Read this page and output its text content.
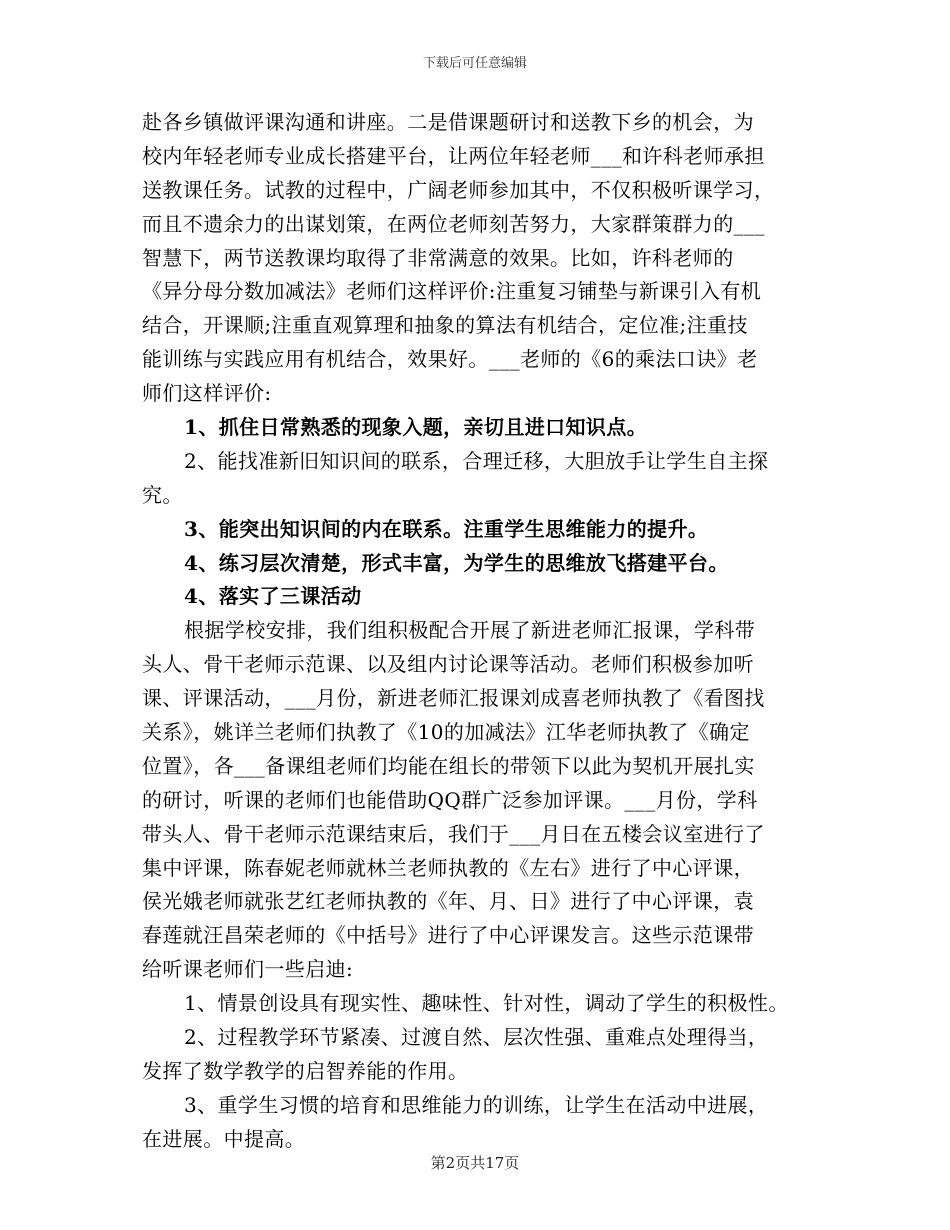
下载后可任意编辑
赴各乡镇做评课沟通和讲座。二是借课题研讨和送教下乡的机会，为
校内年轻老师专业成长搭建平台，让两位年轻老师___和许科老师承担
送教课任务。试教的过程中，广阔老师参加其中，不仅积极听课学习，
而且不遗余力的出谋划策，在两位老师刻苦努力，大家群策群力的___
智慧下，两节送教课均取得了非常满意的效果。比如，许科老师的
《异分母分数加减法》老师们这样评价:注重复习铺垫与新课引入有机
结合，开课顺;注重直观算理和抽象的算法有机结合，定位准;注重技
能训练与实践应用有机结合，效果好。___老师的《6的乘法口诀》老
师们这样评价:
1、抓住日常熟悉的现象入题，亲切且进口知识点。
2、能找准新旧知识间的联系，合理迁移，大胆放手让学生自主探
究。
3、能突出知识间的内在联系。注重学生思维能力的提升。
4、练习层次清楚，形式丰富，为学生的思维放飞搭建平台。
4、落实了三课活动
根据学校安排，我们组积极配合开展了新进老师汇报课，学科带
头人、骨干老师示范课、以及组内讨论课等活动。老师们积极参加听
课、评课活动，___月份，新进老师汇报课刘成喜老师执教了《看图找
关系》，姚详兰老师们执教了《10的加减法》江华老师执教了《确定
位置》，各___备课组老师们均能在组长的带领下以此为契机开展扎实
的研讨，听课的老师们也能借助QQ群广泛参加评课。___月份，学科
带头人、骨干老师示范课结束后，我们于___月日在五楼会议室进行了
集中评课，陈春妮老师就林兰老师执教的《左右》进行了中心评课，
侯光娥老师就张艺红老师执教的《年、月、日》进行了中心评课，袁
春莲就汪昌荣老师的《中括号》进行了中心评课发言。这些示范课带
给听课老师们一些启迪:
1、情景创设具有现实性、趣味性、针对性，调动了学生的积极性。
2、过程教学环节紧凑、过渡自然、层次性强、重难点处理得当，
发挥了数学教学的启智养能的作用。
3、重学生习惯的培育和思维能力的训练，让学生在活动中进展，
在进展。中提高。
第2页共17页
